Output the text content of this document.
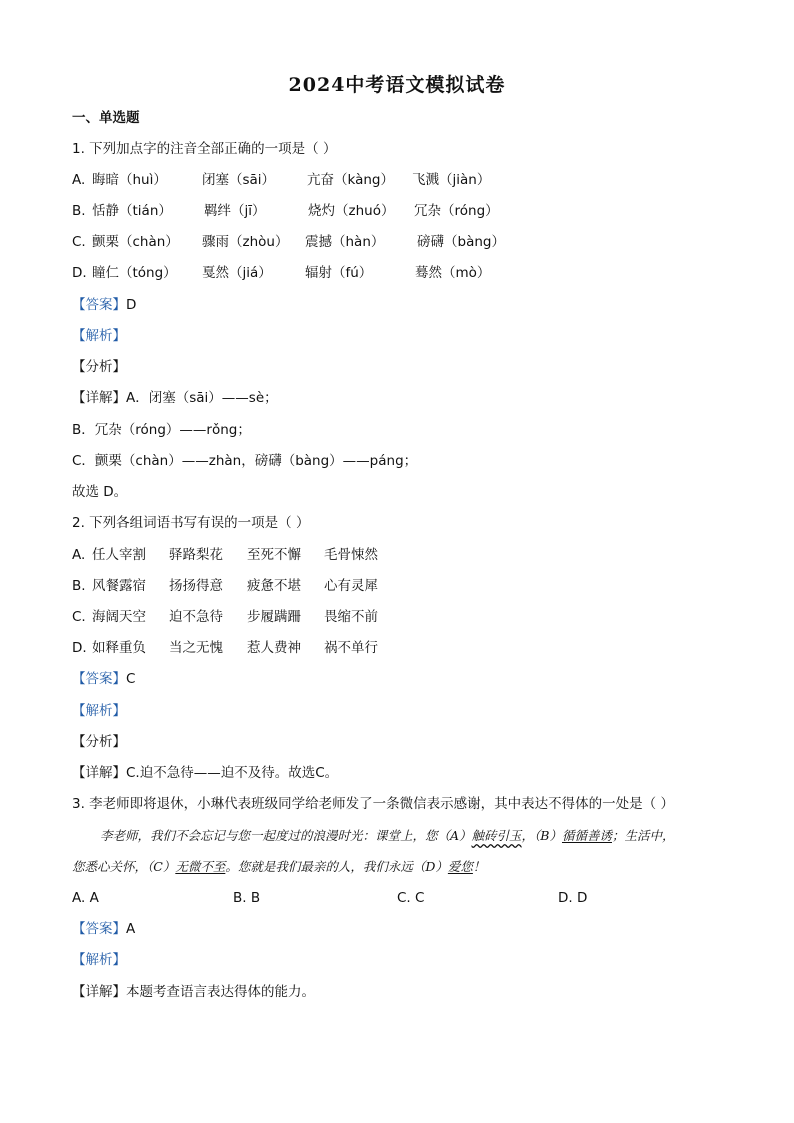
2024中考语文模拟试卷
一、单选题
1. 下列加点字的注音全部正确的一项是（ ）
A. 晦暗（huì）	闭塞（sāi） 亢奋（kàng） 飞溅（jiàn）
B. 恬静（tián） 羁绊（jī）	烧灼（zhuó） 冗杂（róng）
C. 颤栗（chàn） 骤雨（zhòu） 震撼（hàn） 磅礴（bàng）
D. 瞳仁（tóng） 戛然（jiá） 辐射（fú）	蓦然（mò）
【答案】D
【解析】
【分析】
【详解】A．闭塞（sāi）——sè；
B．冗杂（róng）——rǒng；
C．颤栗（chàn）——zhàn，磅礴（bàng）——páng；
故选 D。
2. 下列各组词语书写有误的一项是（ ）
A. 任人宰割 驿路梨花 至死不懈 毛骨悚然
B. 风餐露宿 扬扬得意 疲惫不堪 心有灵犀
C. 海阔天空 迫不急待 步履蹒跚 畏缩不前
D. 如释重负 当之无愧 惹人费神 祸不单行
【答案】C
【解析】
【分析】
【详解】C.迫不急待——迫不及待。故选C。
3. 李老师即将退休，小琳代表班级同学给老师发了一条微信表示感谢，其中表达不得体的一处是（ ）
李老师，我们不会忘记与您一起度过的浪漫时光：课堂上，您（A）触砖引玉，（B）循循善诱；生活中，
您悉心关怀，（C）无微不至。您就是我们最亲的人，我们永远（D）爱您！
A. A	B. B	C. C	D. D
【答案】A
【解析】
【详解】本题考查语言表达得体的能力。
